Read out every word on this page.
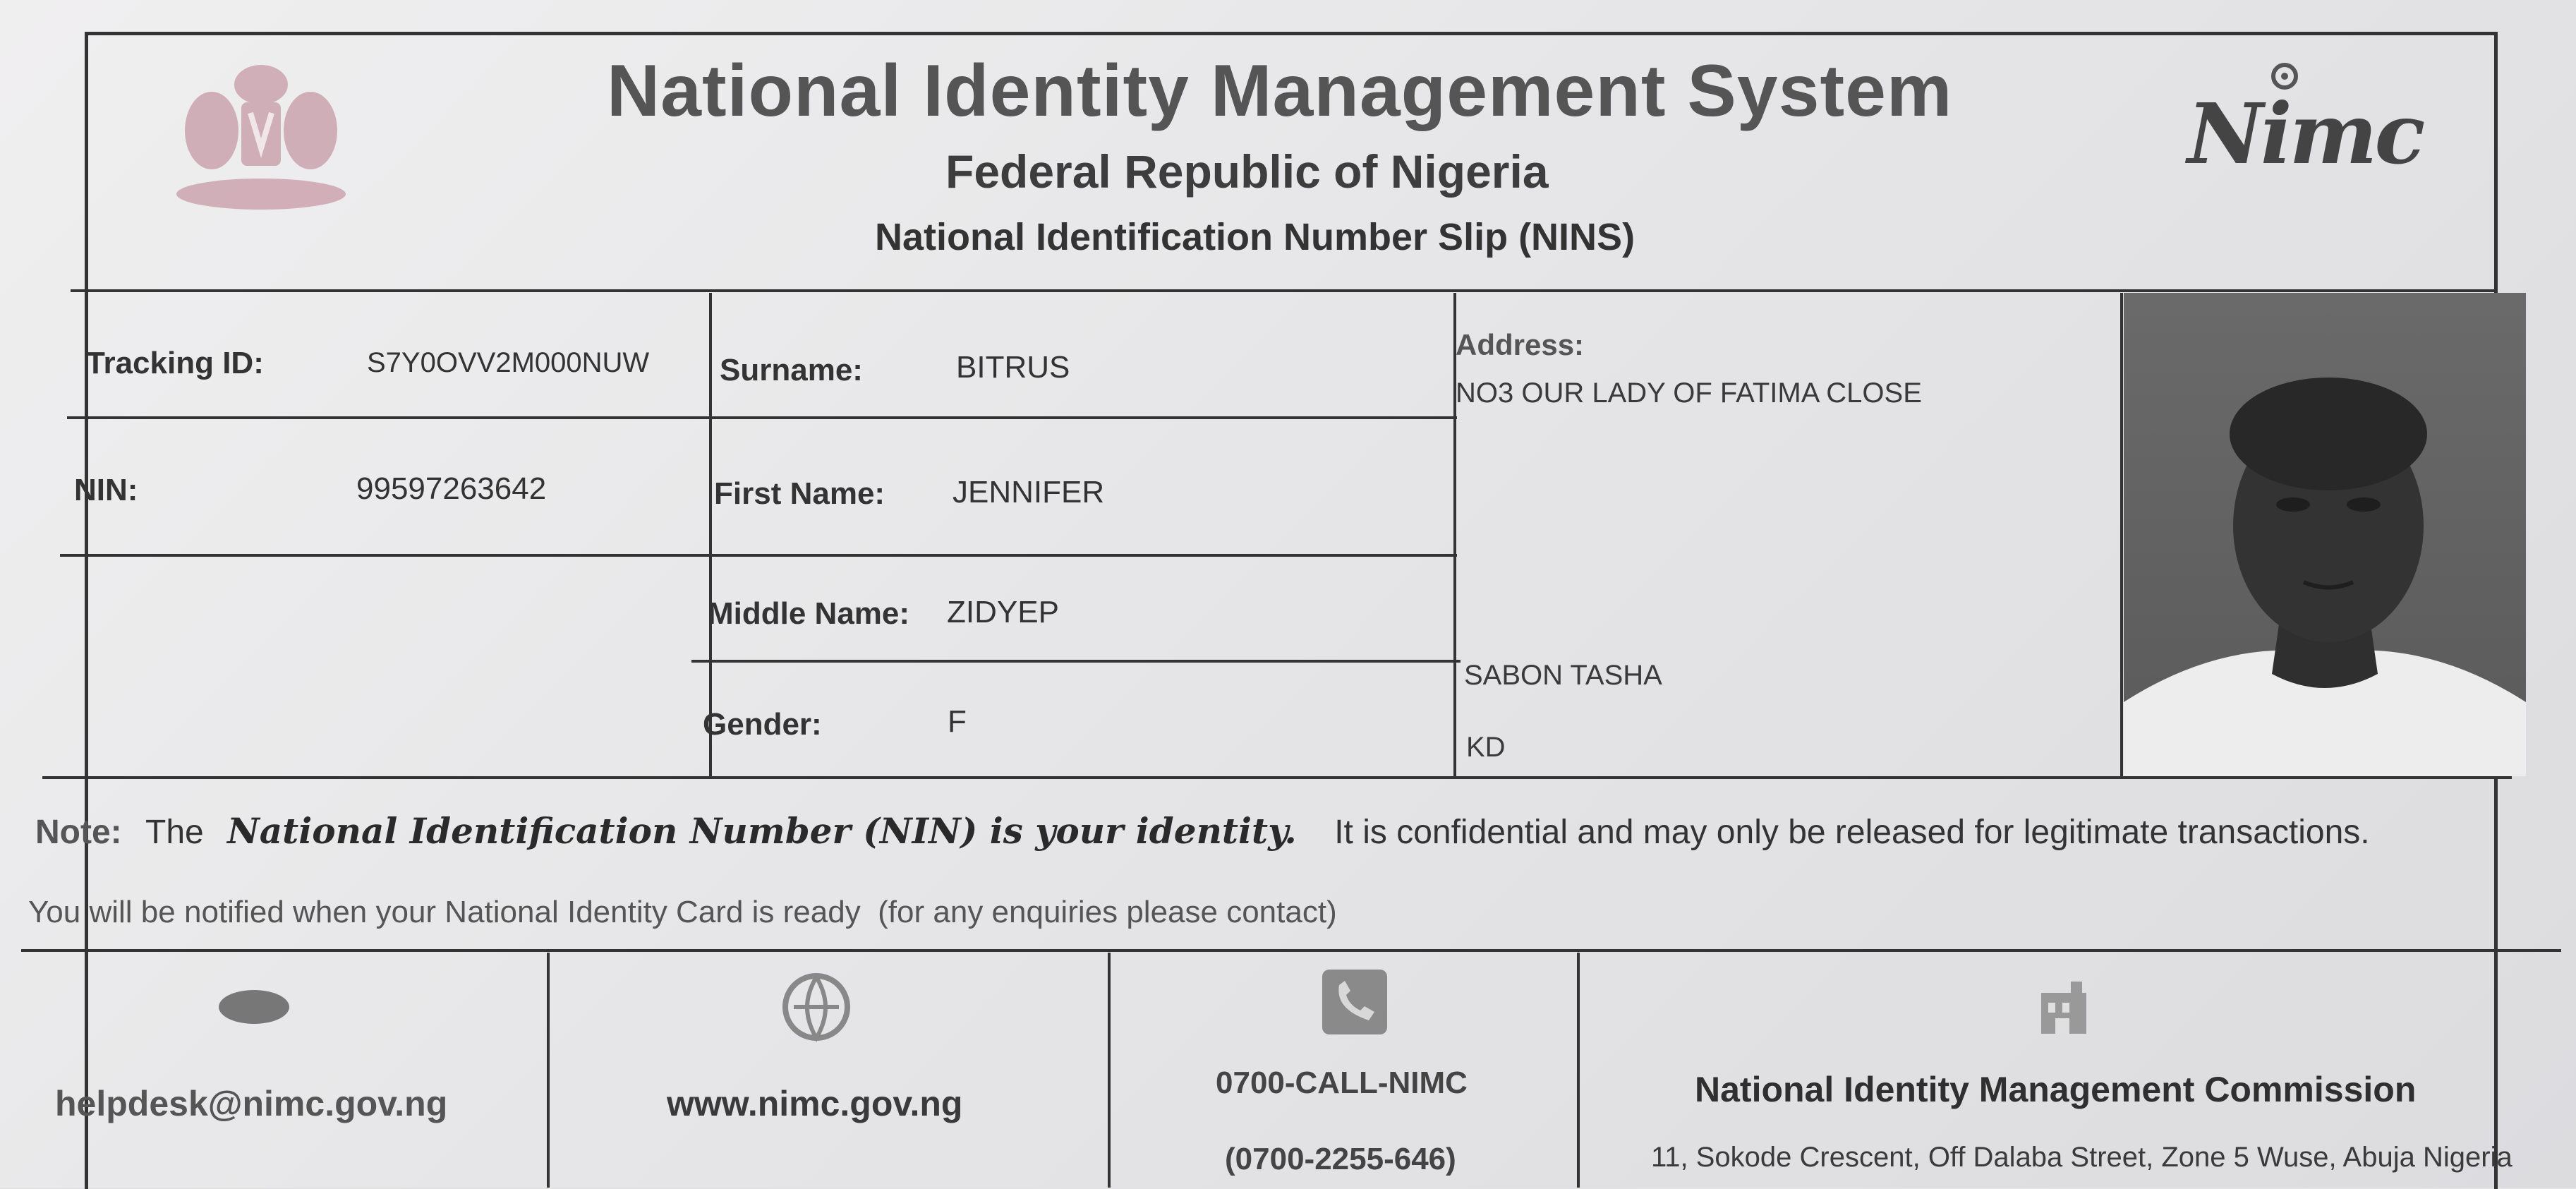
Nimc
National Identity Management System
Federal Republic of Nigeria
National Identification Number Slip (NINS)
Tracking ID:	S7Y0OVV2M000NUW
NIN:	99597263642
Surname:	BITRUS
First Name: JENNIFER
Middle Name: ZIDYEP
Gender:	F
Address:
NO3 OUR LADY OF FATIMA CLOSE
SABON TASHA
KD
Note: The National Identification Number (NIN) is your identity. It is confidential and may only be released for legitimate transactions.
You will be notified when your National Identity Card is ready  (for any enquiries please contact)
helpdesk@nimc.gov.ng	www.nimc.gov.ng
0700-CALL-NIMC
(0700-2255-646)
National Identity Management Commission
11, Sokode Crescent, Off Dalaba Street, Zone 5 Wuse, Abuja Nigeria
